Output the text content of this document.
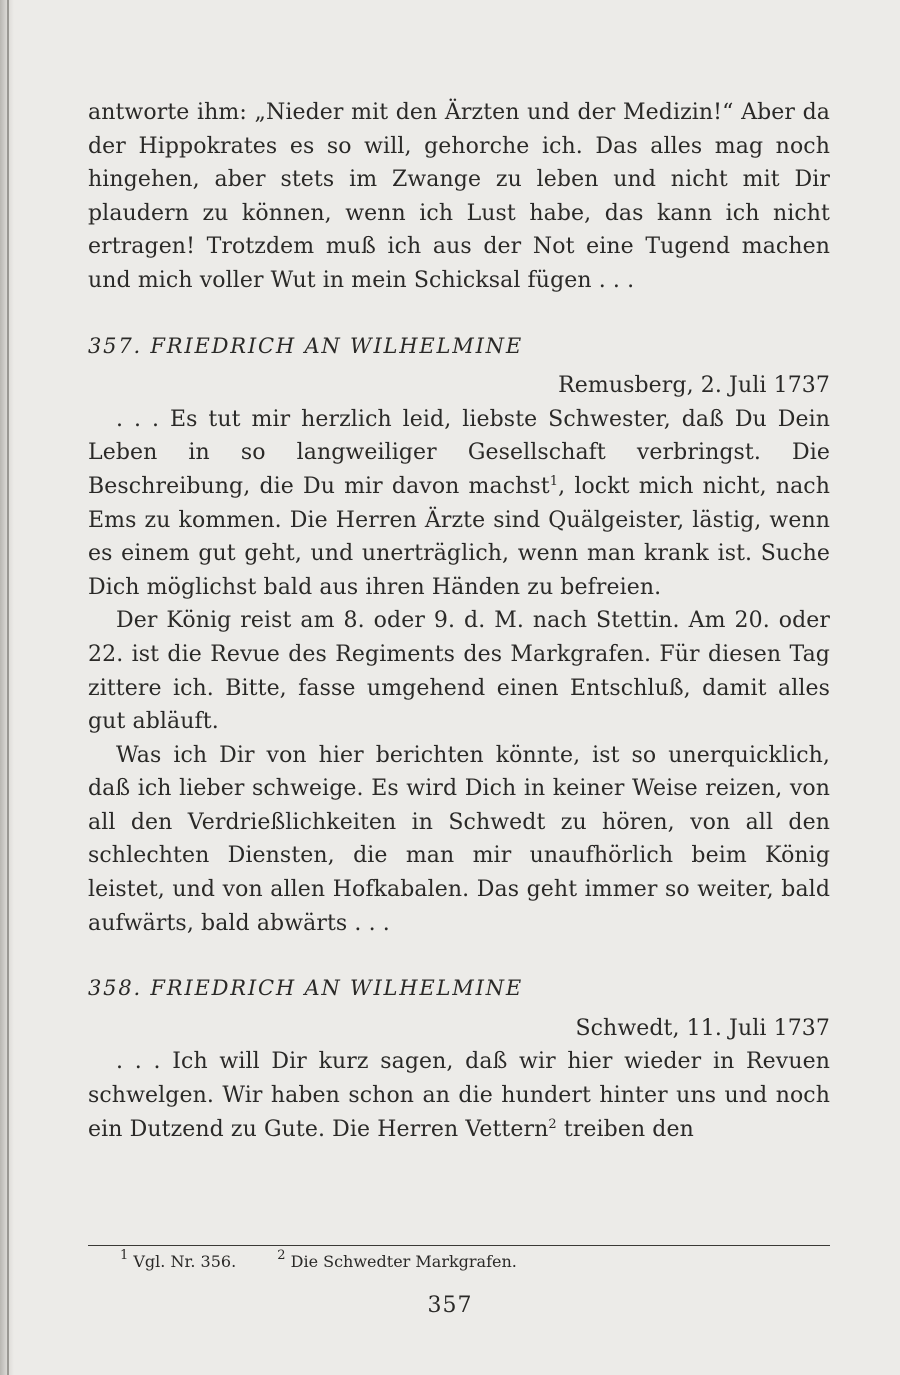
antworte ihm: „Nieder mit den Ärzten und der Medizin!“ Aber da der Hippokrates es so will, gehorche ich. Das alles mag noch hingehen, aber stets im Zwange zu leben und nicht mit Dir plaudern zu können, wenn ich Lust habe, das kann ich nicht ertragen! Trotzdem muß ich aus der Not eine Tugend machen und mich voller Wut in mein Schicksal fügen . . .

357. FRIEDRICH AN WILHELMINE
Remusberg, 2. Juli 1737

. . . Es tut mir herzlich leid, liebste Schwester, daß Du Dein Leben in so langweiliger Gesellschaft verbringst. Die Beschreibung, die Du mir davon machst$^1$, lockt mich nicht, nach Ems zu kommen. Die Herren Ärzte sind Quälgeister, lästig, wenn es einem gut geht, und unerträglich, wenn man krank ist. Suche Dich möglichst bald aus ihren Händen zu befreien.

Der König reist am 8. oder 9. d. M. nach Stettin. Am 20. oder 22. ist die Revue des Regiments des Markgrafen. Für diesen Tag zittere ich. Bitte, fasse umgehend einen Entschluß, damit alles gut abläuft.

Was ich Dir von hier berichten könnte, ist so unerquicklich, daß ich lieber schweige. Es wird Dich in keiner Weise reizen, von all den Verdrießlichkeiten in Schwedt zu hören, von all den schlechten Diensten, die man mir unaufhörlich beim König leistet, und von allen Hofkabalen. Das geht immer so weiter, bald aufwärts, bald abwärts . . .

358. FRIEDRICH AN WILHELMINE
Schwedt, 11. Juli 1737

. . . Ich will Dir kurz sagen, daß wir hier wieder in Revuen schwelgen. Wir haben schon an die hundert hinter uns und noch ein Dutzend zu Gute. Die Herren Vettern$^2$ treiben den

$^1$ Vgl. Nr. 356.	$^2$ Die Schwedter Markgrafen.
357
